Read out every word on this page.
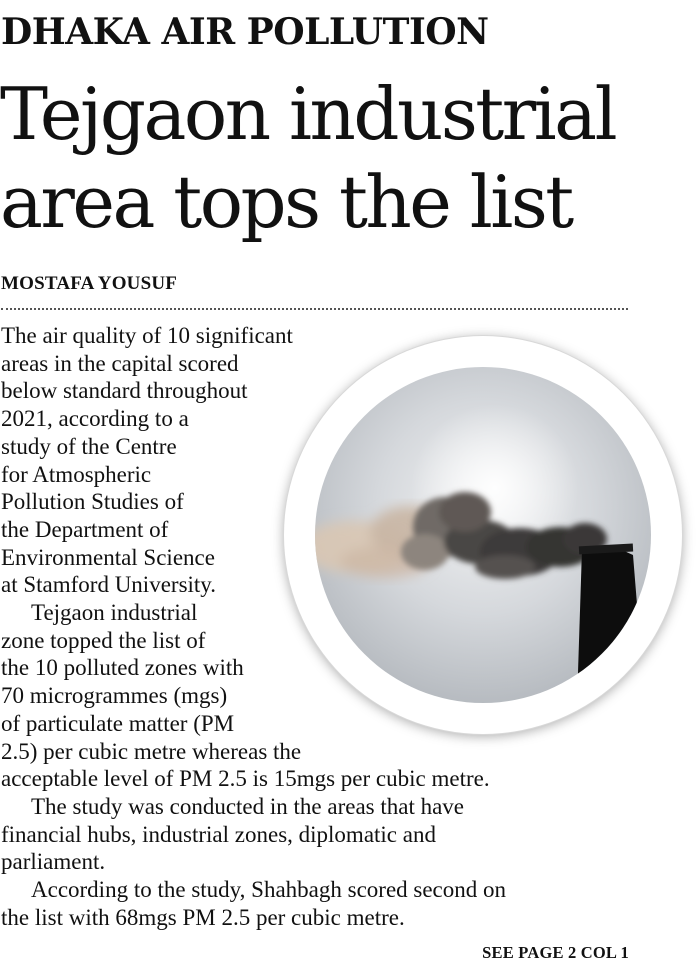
DHAKA AIR POLLUTION
Tejgaon industrial
area tops the list
MOSTAFA YOUSUF
The air quality of 10 significant
areas in the capital scored
below standard throughout
2021, according to a
study of the Centre
for Atmospheric
Pollution Studies of
the Department of
Environmental Science
at Stamford University.
Tejgaon industrial
zone topped the list of
the 10 polluted zones with
70 microgrammes (mgs)
of particulate matter (PM
2.5) per cubic metre whereas the
acceptable level of PM 2.5 is 15mgs per cubic metre.
The study was conducted in the areas that have
financial hubs, industrial zones, diplomatic and
parliament.
According to the study, Shahbagh scored second on
the list with 68mgs PM 2.5 per cubic metre.
SEE PAGE 2 COL 1
